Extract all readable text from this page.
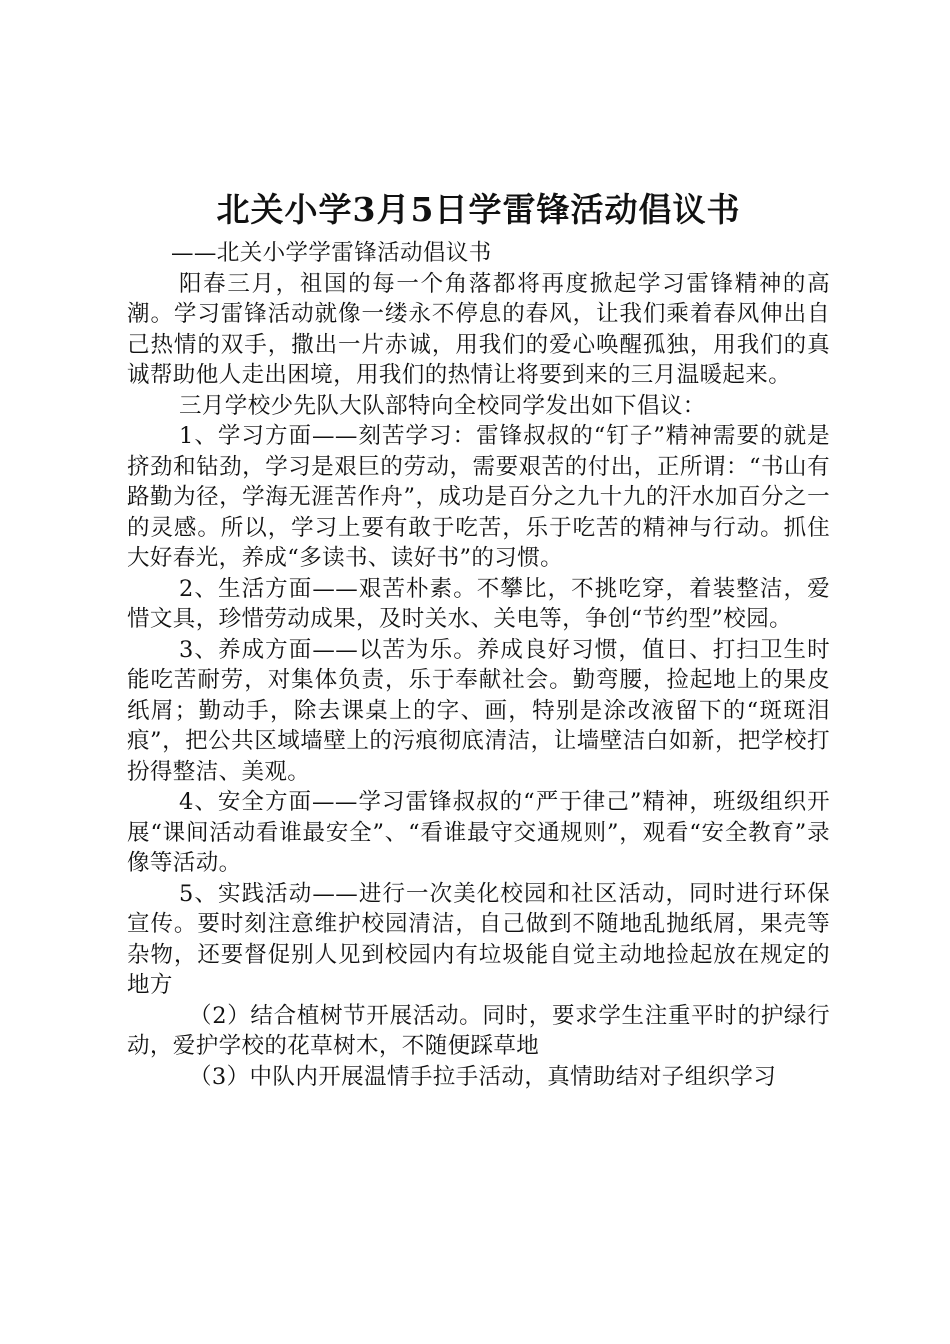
北关小学3月5日学雷锋活动倡议书

——北关小学学雷锋活动倡议书

阳春三月，祖国的每一个角落都将再度掀起学习雷锋精神的高潮。学习雷锋活动就像一缕永不停息的春风，让我们乘着春风伸出自己热情的双手，撒出一片赤诚，用我们的爱心唤醒孤独，用我们的真诚帮助他人走出困境，用我们的热情让将要到来的三月温暖起来。

三月学校少先队大队部特向全校同学发出如下倡议：

1、学习方面——刻苦学习：雷锋叔叔的“钉子”精神需要的就是挤劲和钻劲，学习是艰巨的劳动，需要艰苦的付出，正所谓：“书山有路勤为径，学海无涯苦作舟”，成功是百分之九十九的汗水加百分之一的灵感。所以，学习上要有敢于吃苦，乐于吃苦的精神与行动。抓住大好春光，养成“多读书、读好书”的习惯。

2、生活方面——艰苦朴素。不攀比，不挑吃穿，着装整洁，爱惜文具，珍惜劳动成果，及时关水、关电等，争创“节约型”校园。

3、养成方面——以苦为乐。养成良好习惯，值日、打扫卫生时能吃苦耐劳，对集体负责，乐于奉献社会。勤弯腰，捡起地上的果皮纸屑；勤动手，除去课桌上的字、画，特别是涂改液留下的“斑斑泪痕”，把公共区域墙壁上的污痕彻底清洁，让墙壁洁白如新，把学校打扮得整洁、美观。

4、安全方面——学习雷锋叔叔的“严于律己”精神，班级组织开展“课间活动看谁最安全”、“看谁最守交通规则”，观看“安全教育”录像等活动。

5、实践活动——进行一次美化校园和社区活动，同时进行环保宣传。要时刻注意维护校园清洁，自己做到不随地乱抛纸屑，果壳等杂物，还要督促别人见到校园内有垃圾能自觉主动地捡起放在规定的地方

（2）结合植树节开展活动。同时，要求学生注重平时的护绿行动，爱护学校的花草树木，不随便踩草地

（3）中队内开展温情手拉手活动，真情助结对子组织学习
